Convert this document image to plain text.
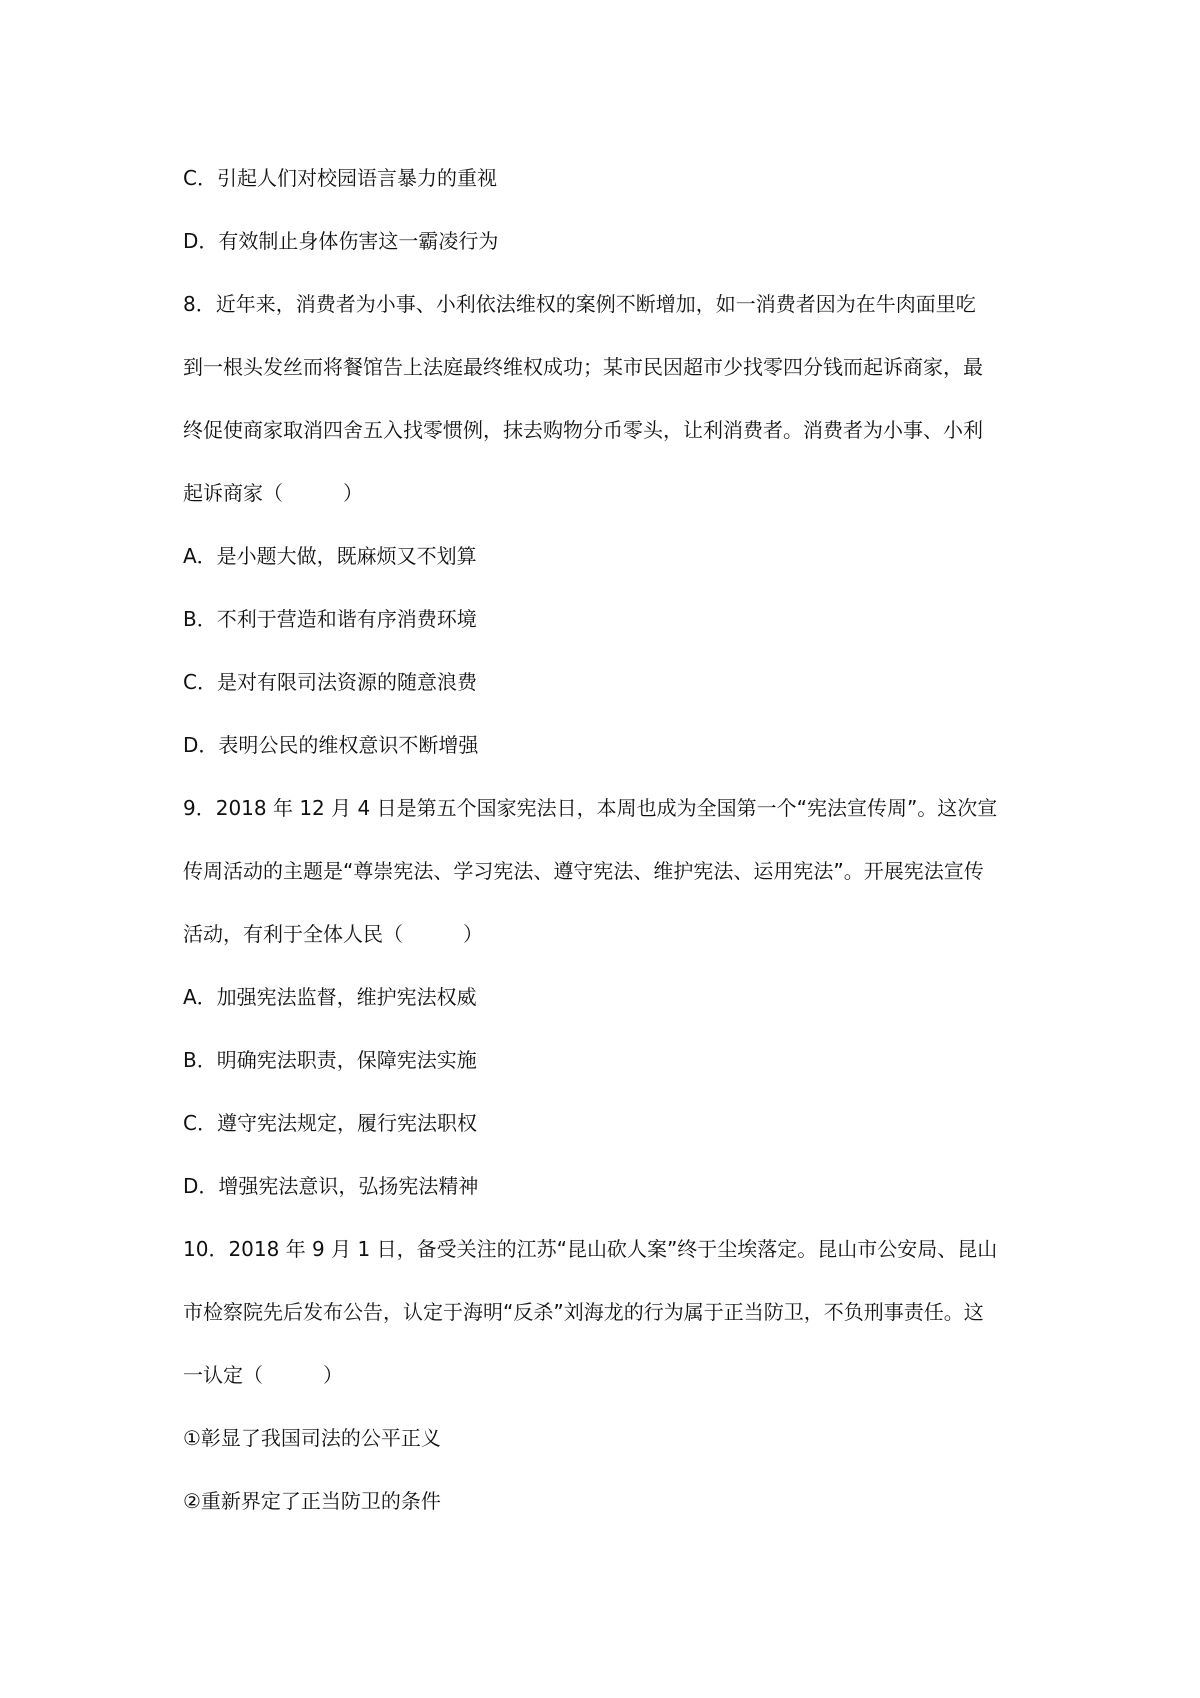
C．引起人们对校园语言暴力的重视
D．有效制止身体伤害这一霸凌行为
8．近年来，消费者为小事、小利依法维权的案例不断增加，如一消费者因为在牛肉面里吃
到一根头发丝而将餐馆告上法庭最终维权成功；某市民因超市少找零四分钱而起诉商家，最
终促使商家取消四舍五入找零惯例，抹去购物分币零头，让利消费者。消费者为小事、小利
起诉商家（　　　）
A．是小题大做，既麻烦又不划算
B．不利于营造和谐有序消费环境
C．是对有限司法资源的随意浪费
D．表明公民的维权意识不断增强
9．2018 年 12 月 4 日是第五个国家宪法日，本周也成为全国第一个“宪法宣传周”。这次宣
传周活动的主题是“尊崇宪法、学习宪法、遵守宪法、维护宪法、运用宪法”。开展宪法宣传
活动，有利于全体人民（　　　）
A．加强宪法监督，维护宪法权威
B．明确宪法职责，保障宪法实施
C．遵守宪法规定，履行宪法职权
D．增强宪法意识，弘扬宪法精神
10．2018 年 9 月 1 日，备受关注的江苏“昆山砍人案”终于尘埃落定。昆山市公安局、昆山
市检察院先后发布公告，认定于海明“反杀”刘海龙的行为属于正当防卫，不负刑事责任。这
一认定（　　　）
①彰显了我国司法的公平正义
②重新界定了正当防卫的条件
